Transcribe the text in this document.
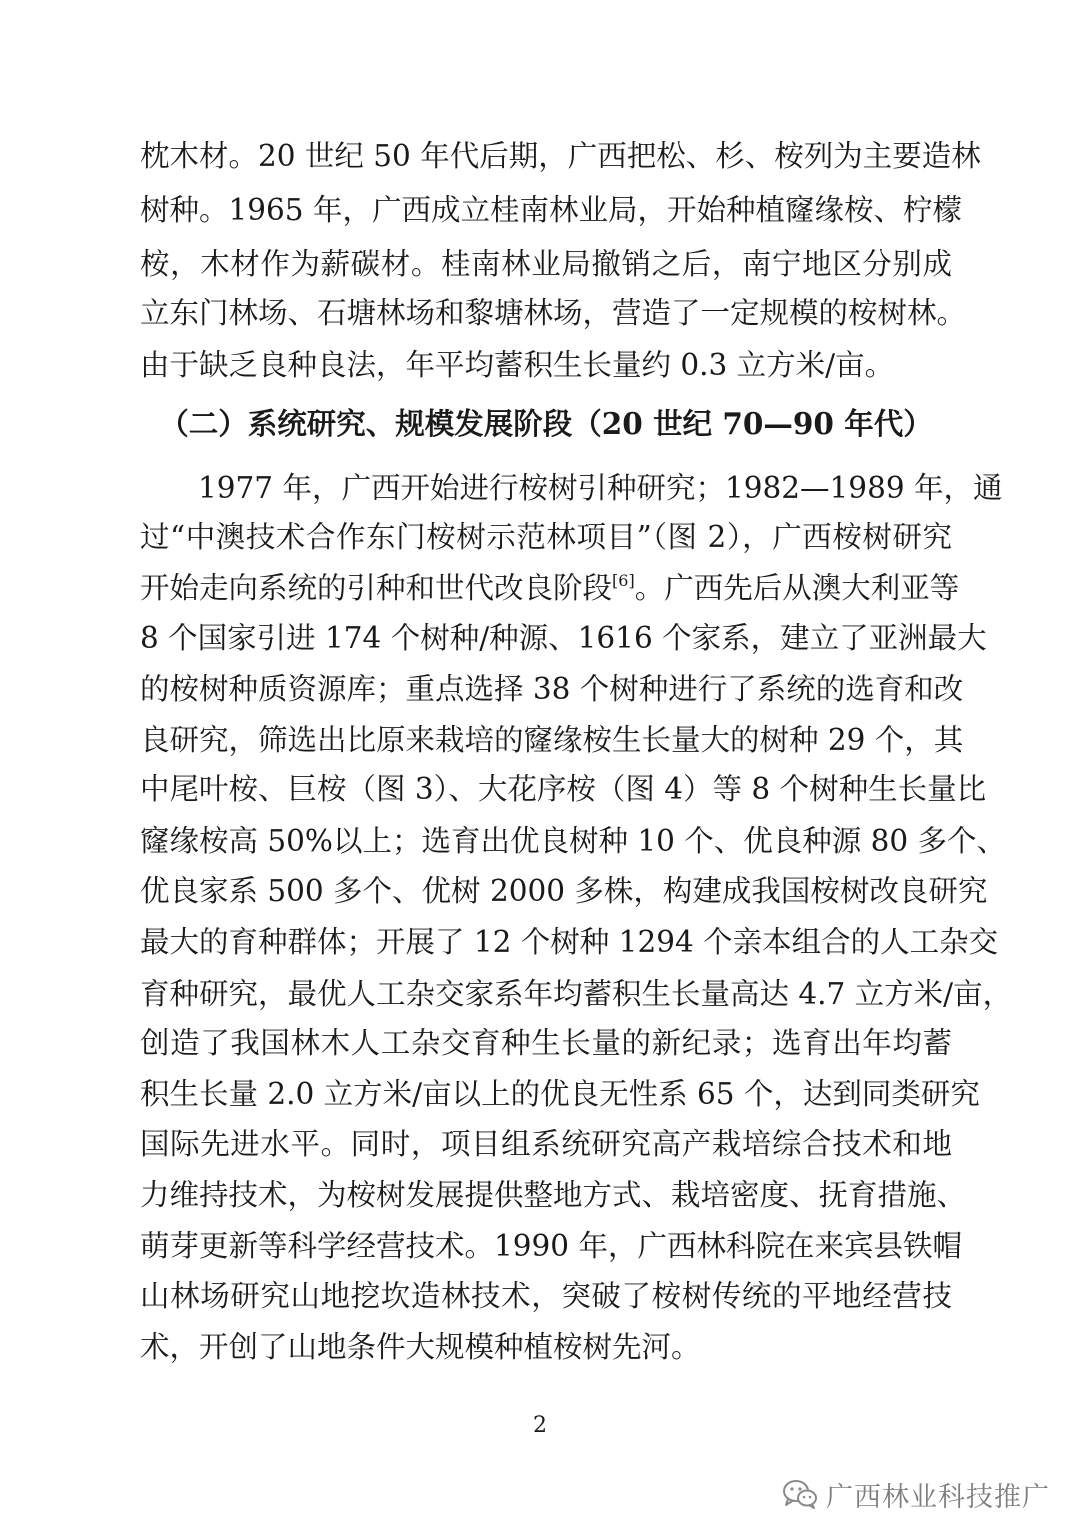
枕木材。20 世纪 50 年代后期，广西把松、杉、桉列为主要造林
树种。1965 年，广西成立桂南林业局，开始种植窿缘桉、柠檬
桉，木材作为薪碳材。桂南林业局撤销之后，南宁地区分别成
立东门林场、石塘林场和黎塘林场，营造了一定规模的桉树林。
由于缺乏良种良法，年平均蓄积生长量约 0.3 立方米/亩。
（二）系统研究、规模发展阶段（20 世纪 70—90 年代）
1977 年，广西开始进行桉树引种研究；1982—1989 年，通
过“中澳技术合作东门桉树示范林项目”（图 2），广西桉树研究
开始走向系统的引种和世代改良阶段[6]。广西先后从澳大利亚等
8 个国家引进 174 个树种/种源、1616 个家系，建立了亚洲最大
的桉树种质资源库；重点选择 38 个树种进行了系统的选育和改
良研究，筛选出比原来栽培的窿缘桉生长量大的树种 29 个，其
中尾叶桉、巨桉（图 3）、大花序桉（图 4）等 8 个树种生长量比
窿缘桉高 50%以上；选育出优良树种 10 个、优良种源 80 多个、
优良家系 500 多个、优树 2000 多株，构建成我国桉树改良研究
最大的育种群体；开展了 12 个树种 1294 个亲本组合的人工杂交
育种研究，最优人工杂交家系年均蓄积生长量高达 4.7 立方米/亩，
创造了我国林木人工杂交育种生长量的新纪录；选育出年均蓄
积生长量 2.0 立方米/亩以上的优良无性系 65 个，达到同类研究
国际先进水平。同时，项目组系统研究高产栽培综合技术和地
力维持技术，为桉树发展提供整地方式、栽培密度、抚育措施、
萌芽更新等科学经营技术。1990 年，广西林科院在来宾县铁帽
山林场研究山地挖坎造林技术，突破了桉树传统的平地经营技
术，开创了山地条件大规模种植桉树先河。
2
广西林业科技推广
